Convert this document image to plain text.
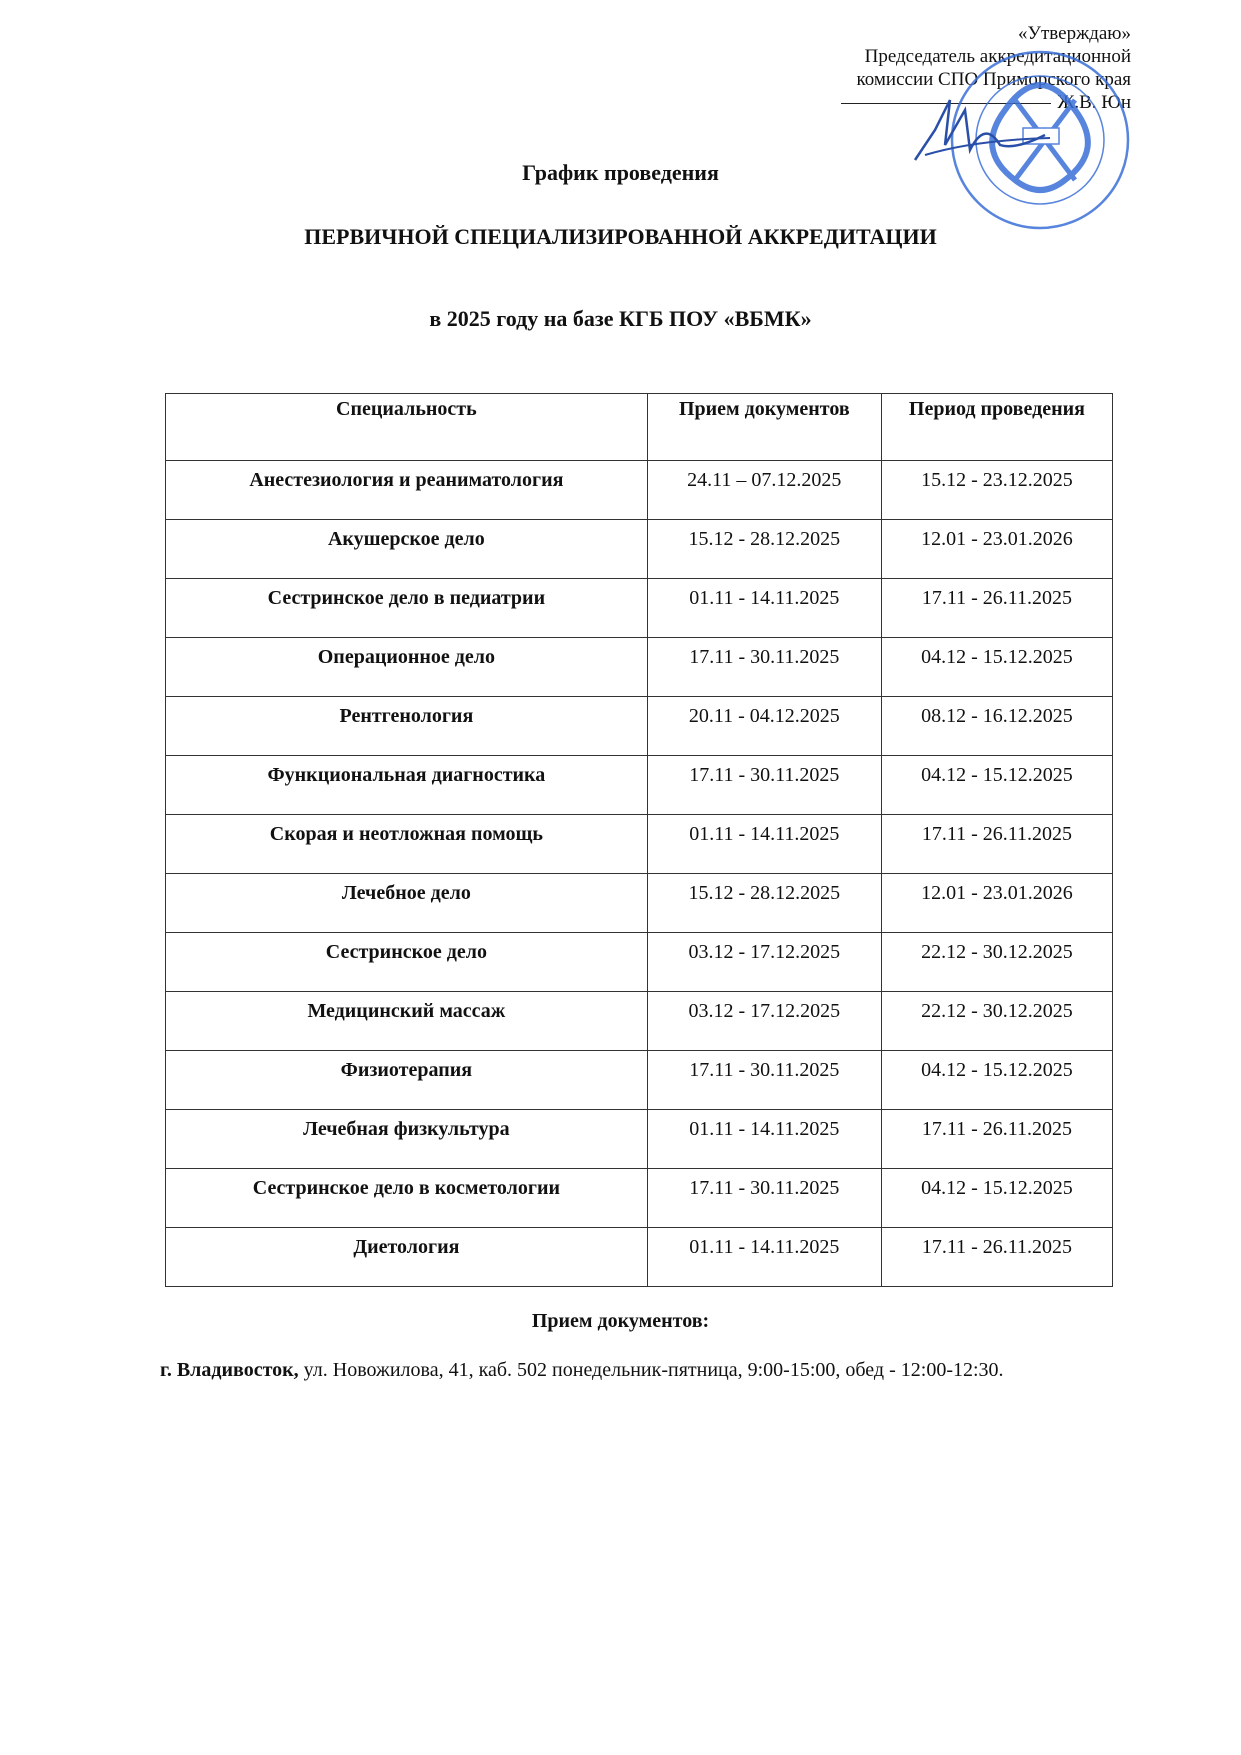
«Утверждаю»
Председатель аккредитационной
комиссии СПО Приморского края
Ж.В. Юн
График проведения
ПЕРВИЧНОЙ СПЕЦИАЛИЗИРОВАННОЙ АККРЕДИТАЦИИ
в 2025 году на базе КГБ ПОУ «ВБМК»
Специальность	Прием документов	Период проведения
Анестезиология и реаниматология	24.11 – 07.12.2025	15.12 - 23.12.2025
Акушерское дело	15.12 - 28.12.2025	12.01 - 23.01.2026
Сестринское дело в педиатрии	01.11 - 14.11.2025	17.11 - 26.11.2025
Операционное дело	17.11 - 30.11.2025	04.12 - 15.12.2025
Рентгенология	20.11 - 04.12.2025	08.12 - 16.12.2025
Функциональная диагностика	17.11 - 30.11.2025	04.12 - 15.12.2025
Скорая и неотложная помощь	01.11 - 14.11.2025	17.11 - 26.11.2025
Лечебное дело	15.12 - 28.12.2025	12.01 - 23.01.2026
Сестринское дело	03.12 - 17.12.2025	22.12 - 30.12.2025
Медицинский массаж	03.12 - 17.12.2025	22.12 - 30.12.2025
Физиотерапия	17.11 - 30.11.2025	04.12 - 15.12.2025
Лечебная физкультура	01.11 - 14.11.2025	17.11 - 26.11.2025
Сестринское дело в косметологии	17.11 - 30.11.2025	04.12 - 15.12.2025
Диетология	01.11 - 14.11.2025	17.11 - 26.11.2025
Прием документов:
г. Владивосток, ул. Новожилова, 41, каб. 502 понедельник-пятница, 9:00-15:00, обед - 12:00-12:30.
